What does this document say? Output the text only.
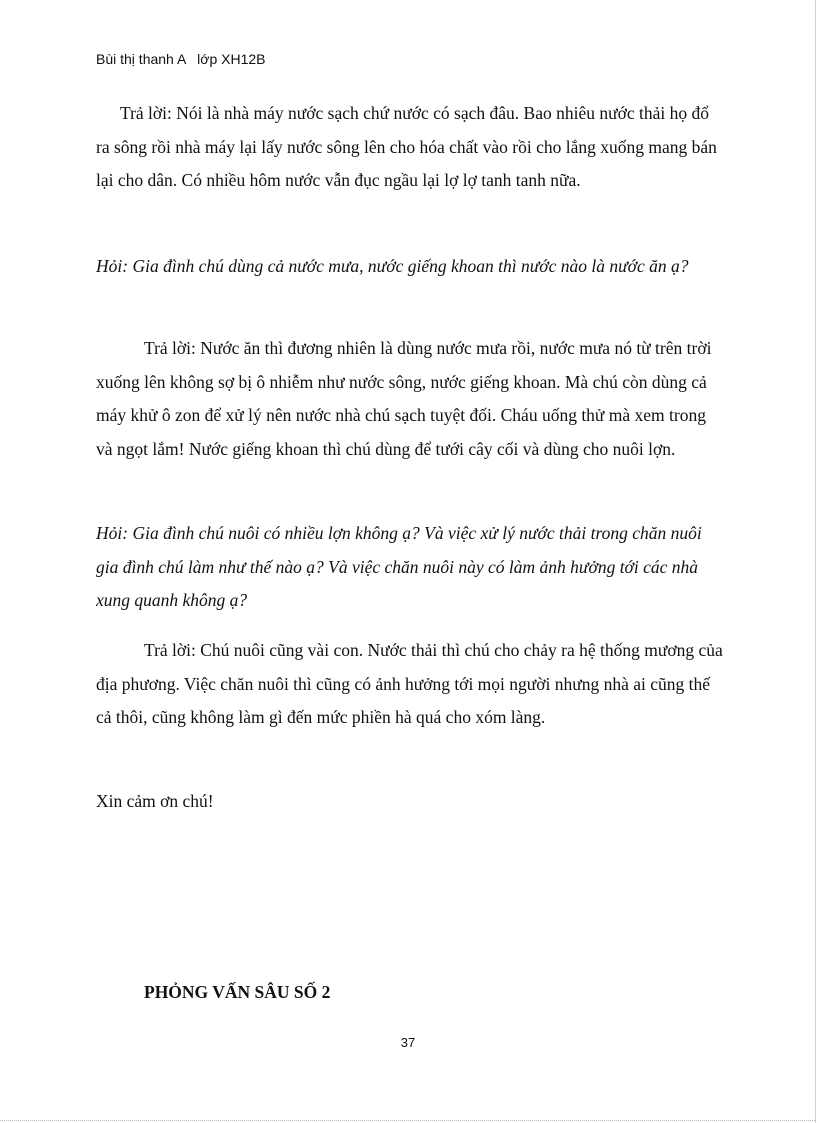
Bùi thị thanh A   lớp XH12B

Trả lời: Nói là nhà máy nước sạch chứ nước có sạch đâu. Bao nhiêu nước thải họ đổ ra sông rồi nhà máy lại lấy nước sông lên cho hóa chất vào rồi cho lắng xuống mang bán lại cho dân. Có nhiều hôm nước vẫn đục ngầu lại lợ lợ tanh tanh nữa.

Hỏi: Gia đình chú dùng cả nước mưa, nước giếng khoan thì nước nào là nước ăn ạ?

Trả lời: Nước ăn thì đương nhiên là dùng nước mưa rồi, nước mưa nó từ trên trời xuống lên không sợ bị ô nhiễm như nước sông, nước giếng khoan. Mà chú còn dùng cả máy khử ô zon để xử lý nên nước nhà chú sạch tuyệt đối. Cháu uống thử mà xem trong và ngọt lắm! Nước giếng khoan thì chú dùng để tưới cây cối và dùng cho nuôi lợn.

Hỏi: Gia đình chú nuôi có nhiều lợn không ạ? Và việc xử lý nước thải trong chăn nuôi gia đình chú làm như thế nào ạ? Và việc chăn nuôi này có làm ảnh hưởng tới các nhà xung quanh không ạ?

Trả lời: Chú nuôi cũng vài con. Nước thải thì chú cho chảy ra hệ thống mương của địa phương. Việc chăn nuôi thì cũng có ảnh hưởng tới mọi người nhưng nhà ai cũng thế cả thôi, cũng không làm gì đến mức phiền hà quá cho xóm làng.

Xin cảm ơn chú!

PHỎNG VẤN SÂU SỐ 2
37
